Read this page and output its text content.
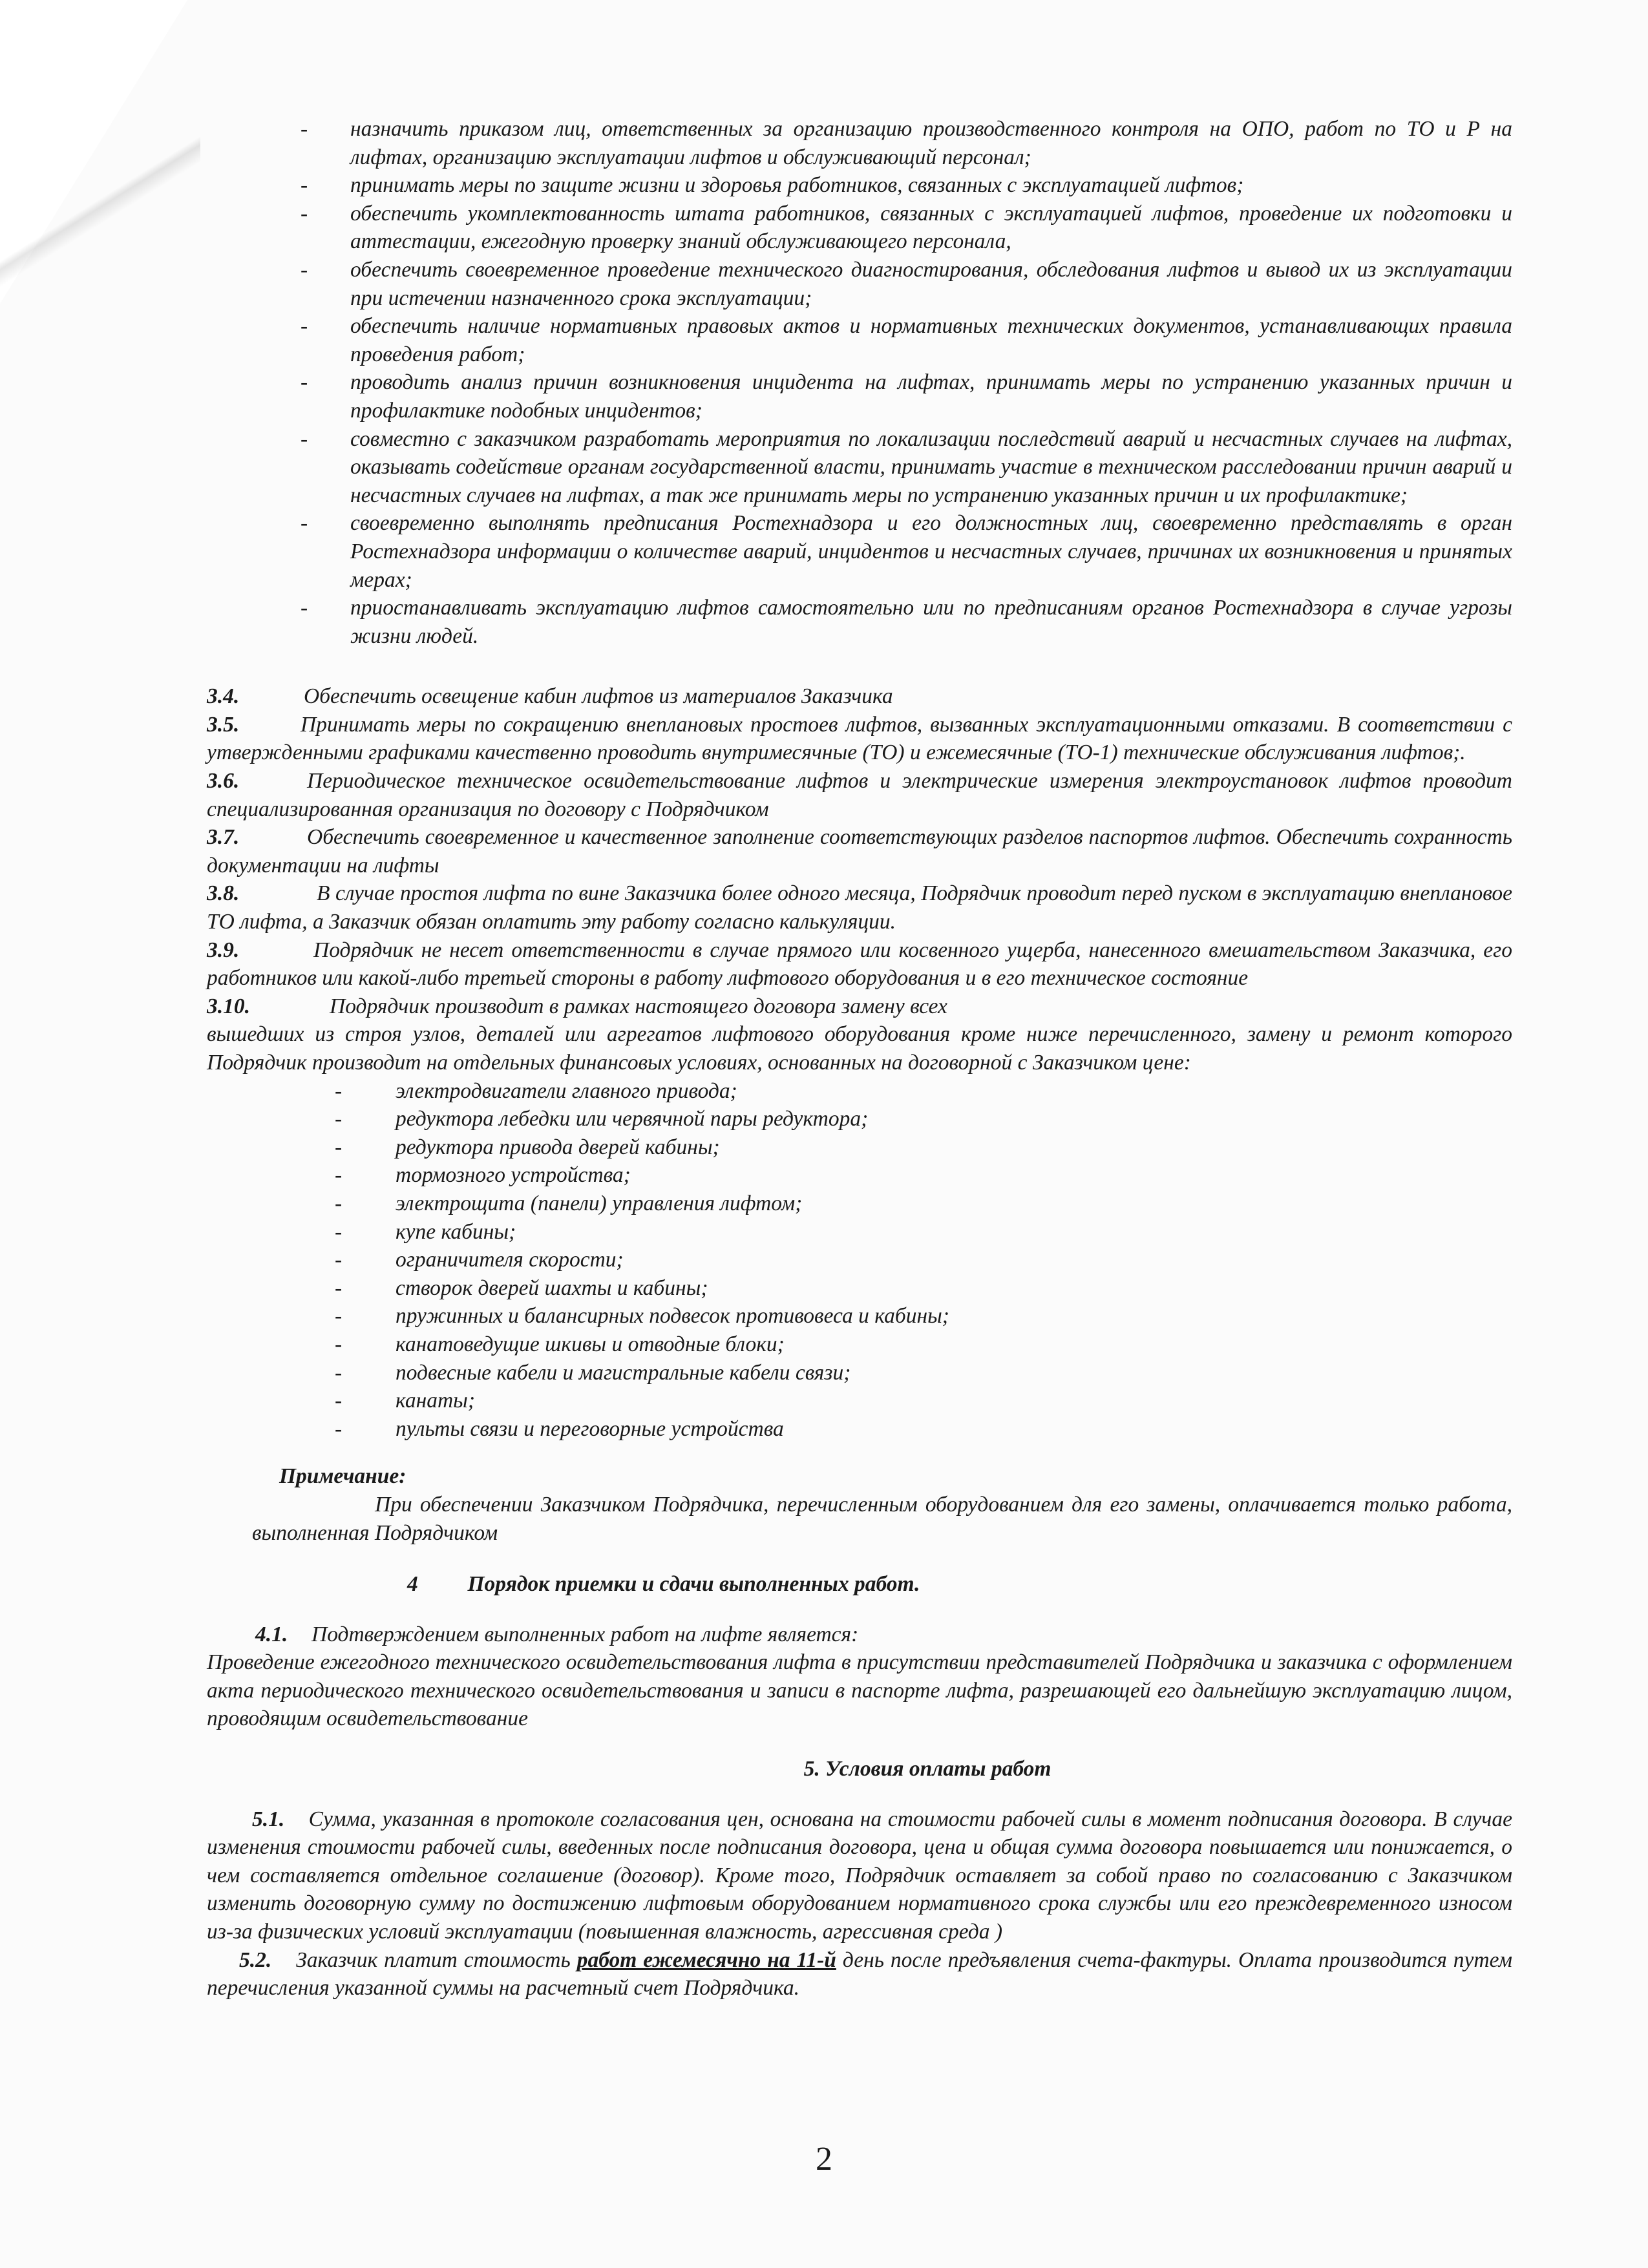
- назначить приказом лиц, ответственных за организацию производственного контроля на ОПО, работ по ТО и Р на лифтах, организацию эксплуатации лифтов и обслуживающий персонал;
- принимать меры по защите жизни и здоровья работников, связанных с эксплуатацией лифтов;
- обеспечить укомплектованность штата работников, связанных с эксплуатацией лифтов, проведение их подготовки и аттестации, ежегодную проверку знаний обслуживающего персонала,
- обеспечить своевременное проведение технического диагностирования, обследования лифтов и вывод их из эксплуатации при истечении назначенного срока эксплуатации;
- обеспечить наличие нормативных правовых актов и нормативных технических документов, устанавливающих правила проведения работ;
- проводить анализ причин возникновения инцидента на лифтах, принимать меры по устранению указанных причин и профилактике подобных инцидентов;
- совместно с заказчиком разработать мероприятия по локализации последствий аварий и несчастных случаев на лифтах, оказывать содействие органам государственной власти, принимать участие в техническом расследовании причин аварий и несчастных случаев на лифтах, а так же принимать меры по устранению указанных причин и их профилактике;
- своевременно выполнять предписания Ростехнадзора и его должностных лиц, своевременно представлять в орган Ростехнадзора информации о количестве аварий, инцидентов и несчастных случаев, причинах их возникновения и принятых мерах;
- приостанавливать эксплуатацию лифтов самостоятельно или по предписаниям органов Ростехнадзора в случае угрозы жизни людей.
3.4.	Обеспечить освещение кабин лифтов из материалов Заказчика
3.5.	Принимать меры по сокращению внеплановых простоев лифтов, вызванных эксплуатационными отказами. В соответствии с утвержденными графиками качественно проводить внутримесячные (ТО) и ежемесячные (ТО-1) технические обслуживания лифтов;.
3.6.	Периодическое техническое освидетельствование лифтов и электрические измерения электроустановок лифтов проводит специализированная организация по договору с Подрядчиком
3.7.	Обеспечить своевременное и качественное заполнение соответствующих разделов паспортов лифтов. Обеспечить сохранность документации на лифты
3.8.	В случае простоя лифта по вине Заказчика более одного месяца, Подрядчик проводит перед пуском в эксплуатацию внеплановое ТО лифта, а Заказчик обязан оплатить эту работу согласно калькуляции.
3.9.	Подрядчик не несет ответственности в случае прямого или косвенного ущерба, нанесенного вмешательством Заказчика, его работников или какой-либо третьей стороны в работу лифтового оборудования и в его техническое состояние
3.10.	Подрядчик производит в рамках настоящего договора замену всех
вышедших из строя узлов, деталей или агрегатов лифтового оборудования кроме ниже перечисленного, замену и ремонт которого Подрядчик производит на отдельных финансовых условиях, основанных на договорной с Заказчиком цене:
- электродвигатели главного привода;
- редуктора лебедки или червячной пары редуктора;
- редуктора привода дверей кабины;
- тормозного устройства;
- электрощита (панели) управления лифтом;
- купе кабины;
- ограничителя скорости;
- створок дверей шахты и кабины;
- пружинных и балансирных подвесок противовеса и кабины;
- канатоведущие шкивы и отводные блоки;
- подвесные кабели и магистральные кабели связи;
- канаты;
- пульты связи и переговорные устройства
Примечание:
При обеспечении Заказчиком Подрядчика, перечисленным оборудованием для его замены, оплачивается только работа, выполненная Подрядчиком
4 Порядок приемки и сдачи выполненных работ.
4.1. Подтверждением выполненных работ на лифте является:
Проведение ежегодного технического освидетельствования лифта в присутствии представителей Подрядчика и заказчика с оформлением акта периодического технического освидетельствования и записи в паспорте лифта, разрешающей его дальнейшую эксплуатацию лицом, проводящим освидетельствование
5. Условия оплаты работ
5.1. Сумма, указанная в протоколе согласования цен, основана на стоимости рабочей силы в момент подписания договора. В случае изменения стоимости рабочей силы, введенных после подписания договора, цена и общая сумма договора повышается или понижается, о чем составляется отдельное соглашение (договор). Кроме того, Подрядчик оставляет за собой право по согласованию с Заказчиком изменить договорную сумму по достижению лифтовым оборудованием нормативного срока службы или его преждевременного износом из-за физических условий эксплуатации (повышенная влажность, агрессивная среда )
5.2. Заказчик платит стоимость работ ежемесячно на 11-й день после предъявления счета-фактуры. Оплата производится путем перечисления указанной суммы на расчетный счет Подрядчика.
2
